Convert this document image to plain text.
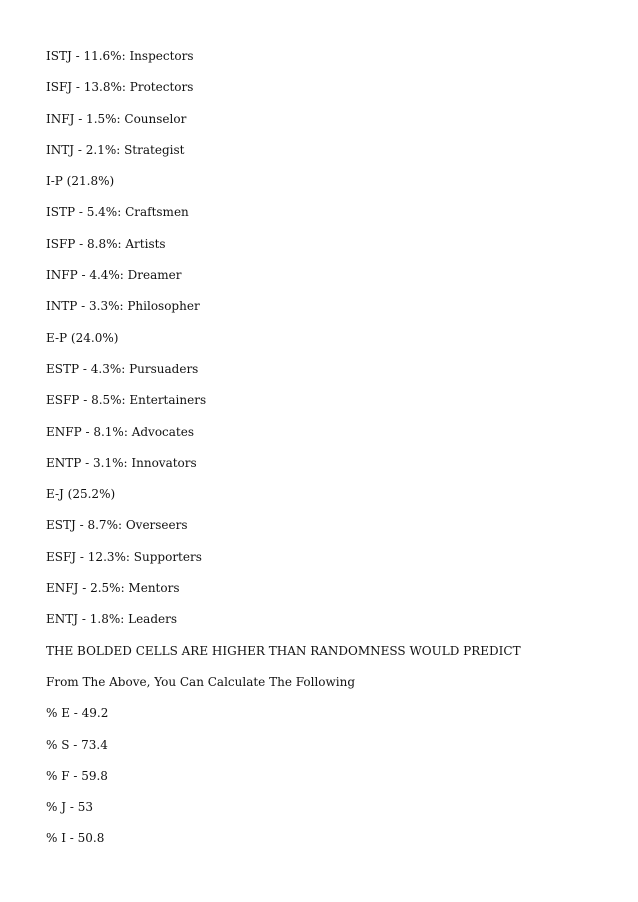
ISTJ - 11.6%: Inspectors
ISFJ - 13.8%: Protectors
INFJ - 1.5%: Counselor
INTJ - 2.1%: Strategist
I-P (21.8%)
ISTP - 5.4%: Craftsmen
ISFP - 8.8%: Artists
INFP - 4.4%: Dreamer
INTP - 3.3%: Philosopher
E-P (24.0%)
ESTP - 4.3%: Pursuaders
ESFP - 8.5%: Entertainers
ENFP - 8.1%: Advocates
ENTP - 3.1%: Innovators
E-J (25.2%)
ESTJ - 8.7%: Overseers
ESFJ - 12.3%: Supporters
ENFJ - 2.5%: Mentors
ENTJ - 1.8%: Leaders
THE BOLDED CELLS ARE HIGHER THAN RANDOMNESS WOULD PREDICT
From The Above, You Can Calculate The Following
% E - 49.2
% S - 73.4
% F - 59.8
% J - 53
% I - 50.8
